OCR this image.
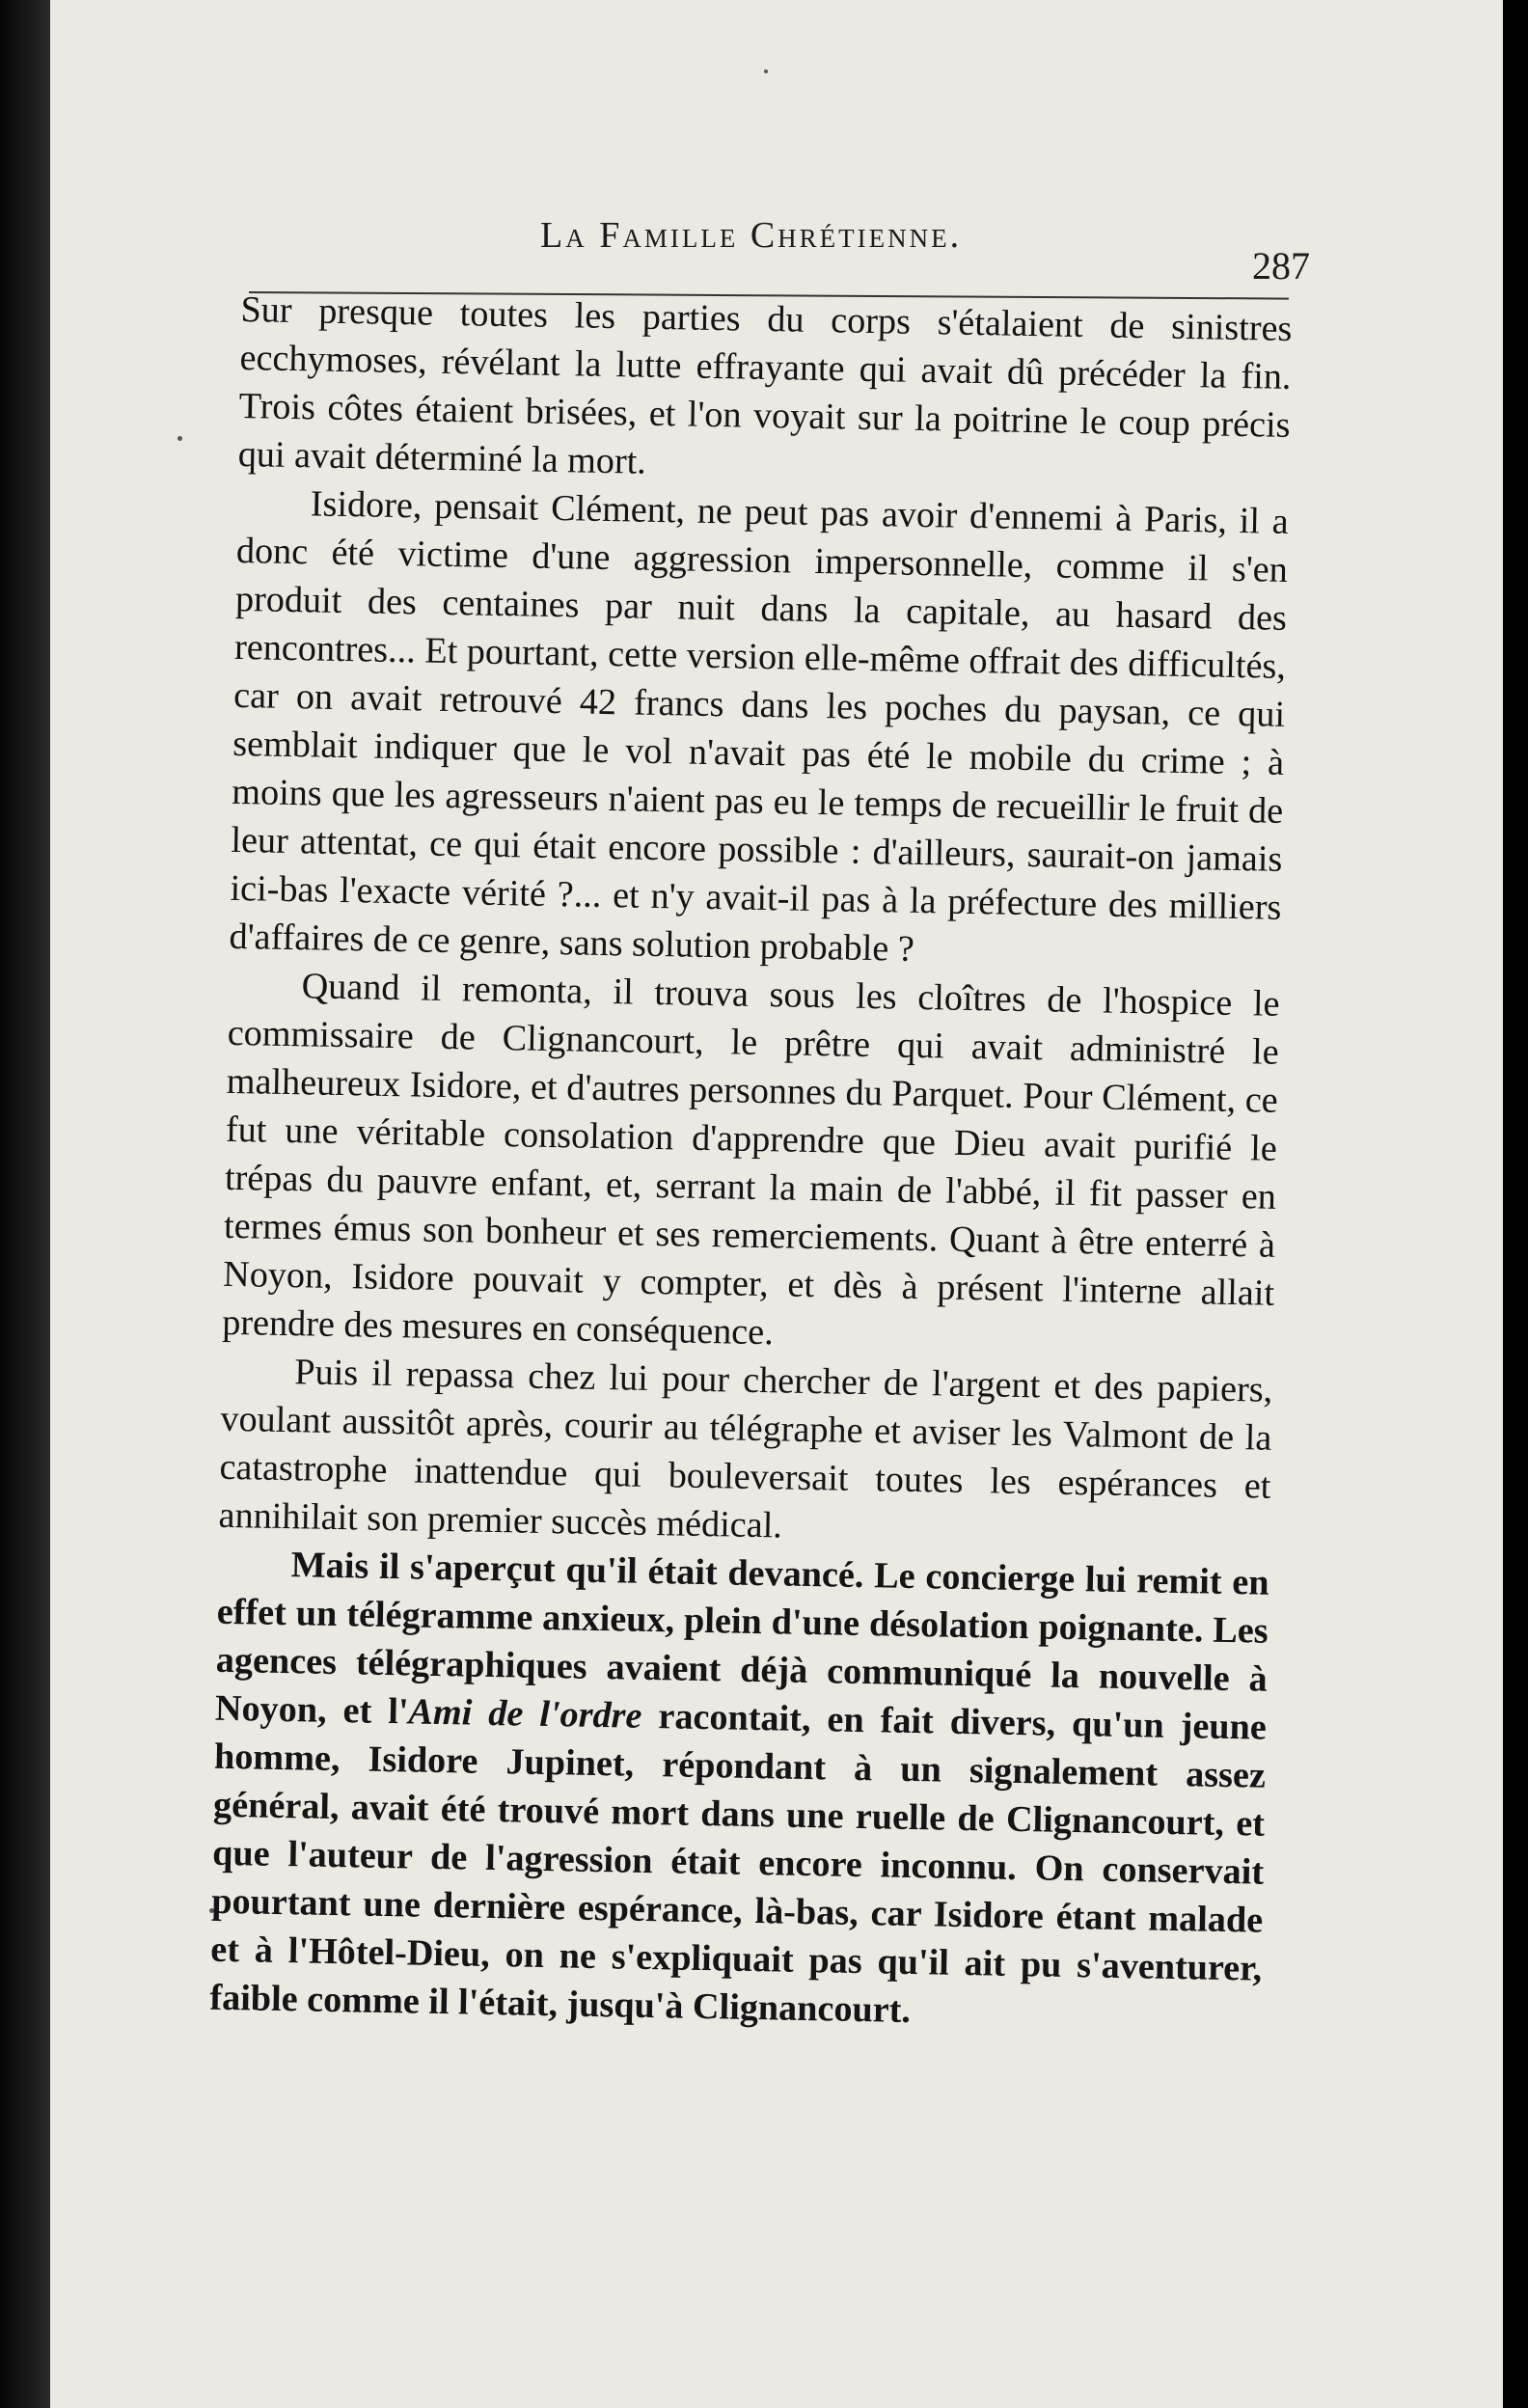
La Famille Chrétienne.
287

Sur presque toutes les parties du corps s'étalaient de sinistres ecchymoses, révélant la lutte effrayante qui avait dû précéder la fin. Trois côtes étaient brisées, et l'on voyait sur la poitrine le coup précis qui avait déterminé la mort.

Isidore, pensait Clément, ne peut pas avoir d'ennemi à Paris, il a donc été victime d'une aggression impersonnelle, comme il s'en produit des centaines par nuit dans la capitale, au hasard des rencontres... Et pourtant, cette version elle-même offrait des difficultés, car on avait retrouvé 42 francs dans les poches du paysan, ce qui semblait indiquer que le vol n'avait pas été le mobile du crime ; à moins que les agresseurs n'aient pas eu le temps de recueillir le fruit de leur attentat, ce qui était encore possible : d'ailleurs, saurait-on jamais ici-bas l'exacte vérité ?... et n'y avait-il pas à la préfecture des milliers d'affaires de ce genre, sans solution probable ?

Quand il remonta, il trouva sous les cloîtres de l'hospice le commissaire de Clignancourt, le prêtre qui avait administré le malheureux Isidore, et d'autres personnes du Parquet. Pour Clément, ce fut une véritable consolation d'apprendre que Dieu avait purifié le trépas du pauvre enfant, et, serrant la main de l'abbé, il fit passer en termes émus son bonheur et ses remerciements. Quant à être enterré à Noyon, Isidore pouvait y compter, et dès à présent l'interne allait prendre des mesures en conséquence.

Puis il repassa chez lui pour chercher de l'argent et des papiers, voulant aussitôt après, courir au télégraphe et aviser les Valmont de la catastrophe inattendue qui bouleversait toutes les espérances et annihilait son premier succès médical.

Mais il s'aperçut qu'il était devancé. Le concierge lui remit en effet un télégramme anxieux, plein d'une désolation poignante. Les agences télégraphiques avaient déjà communiqué la nouvelle à Noyon, et l'Ami de l'ordre racontait, en fait divers, qu'un jeune homme, Isidore Jupinet, répondant à un signalement assez général, avait été trouvé mort dans une ruelle de Clignancourt, et que l'auteur de l'agression était encore inconnu. On conservait pourtant une dernière espérance, là-bas, car Isidore étant malade et à l'Hôtel-Dieu, on ne s'expliquait pas qu'il ait pu s'aventurer, faible comme il l'était, jusqu'à Clignancourt.
